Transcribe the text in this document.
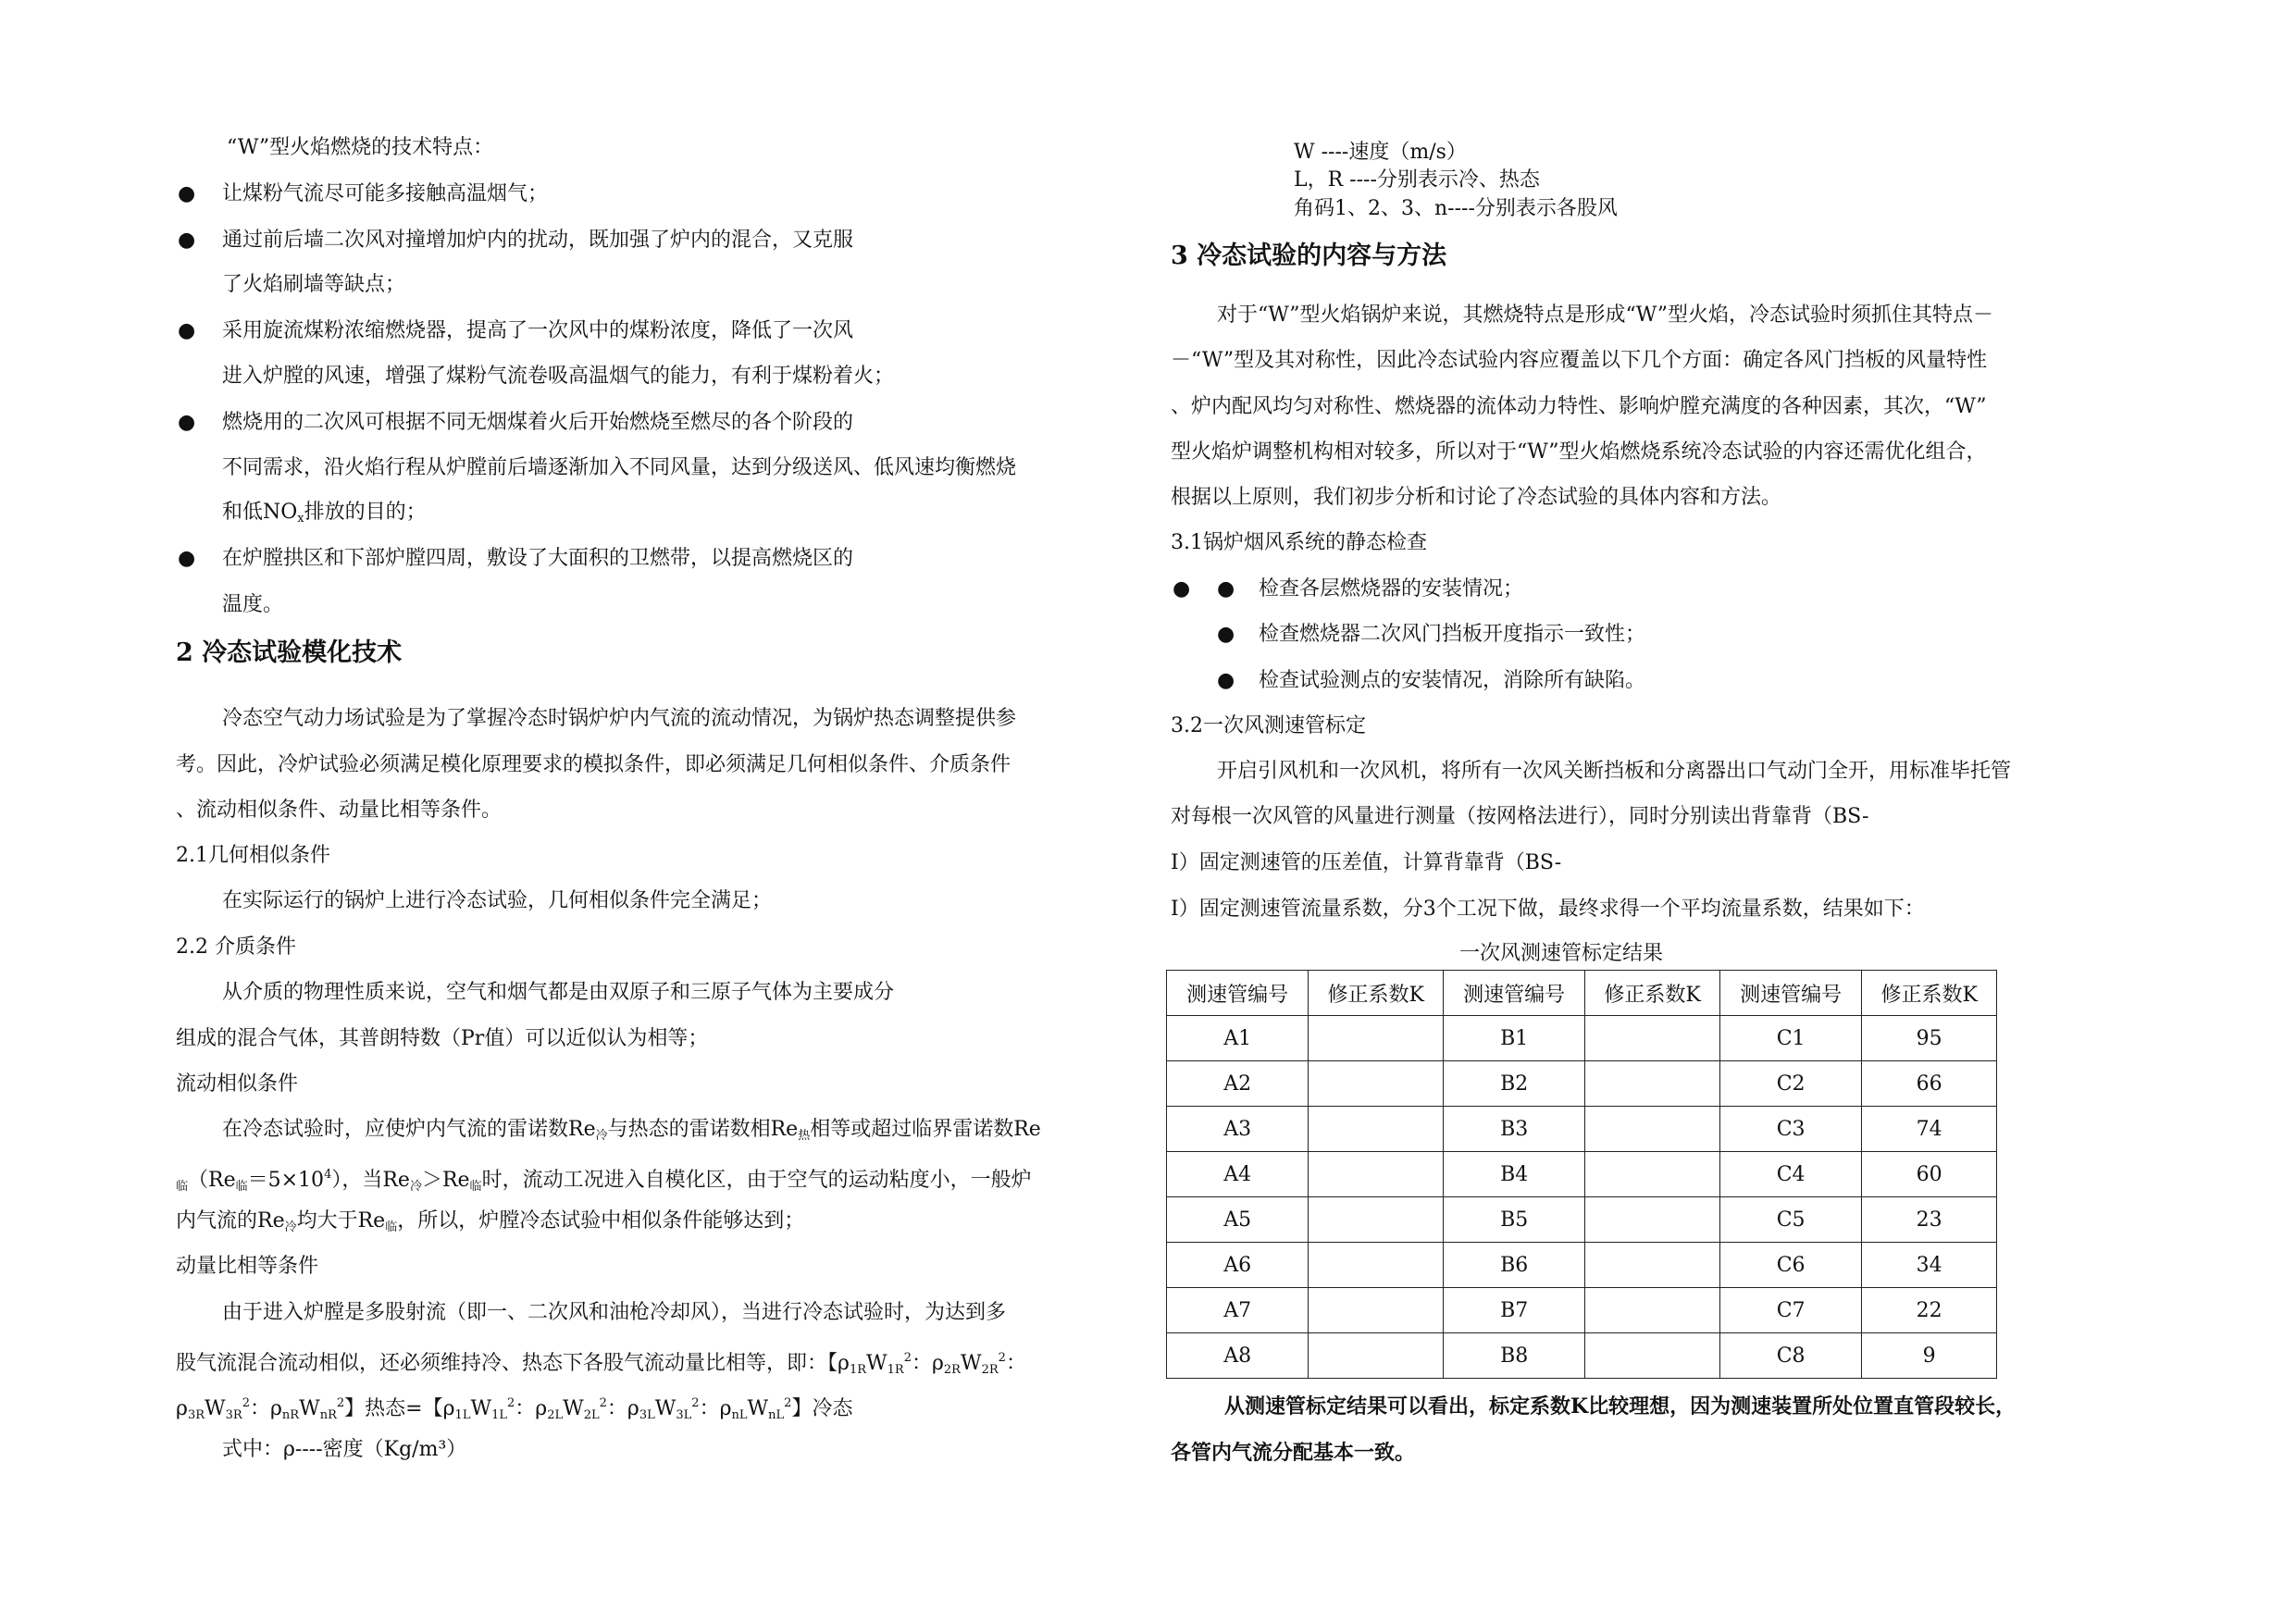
“W”型火焰燃烧的技术特点：
● 让煤粉气流尽可能多接触高温烟气；
● 通过前后墙二次风对撞增加炉内的扰动，既加强了炉内的混合，又克服
了火焰刷墙等缺点；
● 采用旋流煤粉浓缩燃烧器，提高了一次风中的煤粉浓度，降低了一次风
进入炉膛的风速，增强了煤粉气流卷吸高温烟气的能力，有利于煤粉着火；
● 燃烧用的二次风可根据不同无烟煤着火后开始燃烧至燃尽的各个阶段的
不同需求，沿火焰行程从炉膛前后墙逐渐加入不同风量，达到分级送风、低风速均衡燃烧
和低$NO_x$排放的目的；
● 在炉膛拱区和下部炉膛四周，敷设了大面积的卫燃带，以提高燃烧区的
温度。
2 冷态试验模化技术
冷态空气动力场试验是为了掌握冷态时锅炉炉内气流的流动情况，为锅炉热态调整提供参
考。因此，冷炉试验必须满足模化原理要求的模拟条件，即必须满足几何相似条件、介质条件
、流动相似条件、动量比相等条件。
2.1几何相似条件
在实际运行的锅炉上进行冷态试验，几何相似条件完全满足；
2.2 介质条件
从介质的物理性质来说，空气和烟气都是由双原子和三原子气体为主要成分
组成的混合气体，其普朗特数（Pr值）可以近似认为相等；
流动相似条件
在冷态试验时，应使炉内气流的雷诺数$Re_冷$与热态的雷诺数相$Re_热$相等或超过临界雷诺数Re
$_临(Re_临=5\times 10^4)$，当$Re_冷>Re_临$时，流动工况进入自模化区，由于空气的运动粘度小，一般炉
内气流的$Re_冷$均大于$Re_临$，所以，炉膛冷态试验中相似条件能够达到；
动量比相等条件
由于进入炉膛是多股射流（即一、二次风和油枪冷却风），当进行冷态试验时，为达到多
股气流混合流动相似，还必须维持冷、热态下各股气流动量比相等，即：【$\rho_{1R}W_{1R}^2$：$\rho_{2R}W_{2R}^2$：
$\rho_{3R}W_{3R}^2$：$\rho_{nR}W_{nR}^2$】热态=【$\rho_{1L}W_{1L}^2$：$\rho_{2L}W_{2L}^2$：$\rho_{3L}W_{3L}^2$：$\rho_{nL}W_{nL}^2$】冷态
式中：ρ----密度（Kg/m³）
W ----速度（m/s）
L，R ----分别表示冷、热态
角码1、2、3、n----分别表示各股风
3 冷态试验的内容与方法
对于“W”型火焰锅炉来说，其燃烧特点是形成“W”型火焰，冷态试验时须抓住其特点－
－“W”型及其对称性，因此冷态试验内容应覆盖以下几个方面：确定各风门挡板的风量特性
、炉内配风均匀对称性、燃烧器的流体动力特性、影响炉膛充满度的各种因素，其次，“W”
型火焰炉调整机构相对较多，所以对于“W”型火焰燃烧系统冷态试验的内容还需优化组合，
根据以上原则，我们初步分析和讨论了冷态试验的具体内容和方法。
3.1锅炉烟风系统的静态检查
● ● 检查各层燃烧器的安装情况；
● 检查燃烧器二次风门挡板开度指示一致性；
● 检查试验测点的安装情况，消除所有缺陷。
3.2一次风测速管标定
开启引风机和一次风机，将所有一次风关断挡板和分离器出口气动门全开，用标准毕托管
对每根一次风管的风量进行测量（按网格法进行），同时分别读出背靠背（BS-
I）固定测速管的压差值，计算背靠背（BS-
I）固定测速管流量系数，分3个工况下做，最终求得一个平均流量系数，结果如下：
一次风测速管标定结果
测速管编号	修正系数K	测速管编号	修正系数K	测速管编号	修正系数K
A1		B1		C1	95
A2		B2		C2	66
A3		B3		C3	74
A4		B4		C4	60
A5		B5		C5	23
A6		B6		C6	34
A7		B7		C7	22
A8		B8		C8	9
从测速管标定结果可以看出，标定系数K比较理想，因为测速装置所处位置直管段较长，
各管内气流分配基本一致。
